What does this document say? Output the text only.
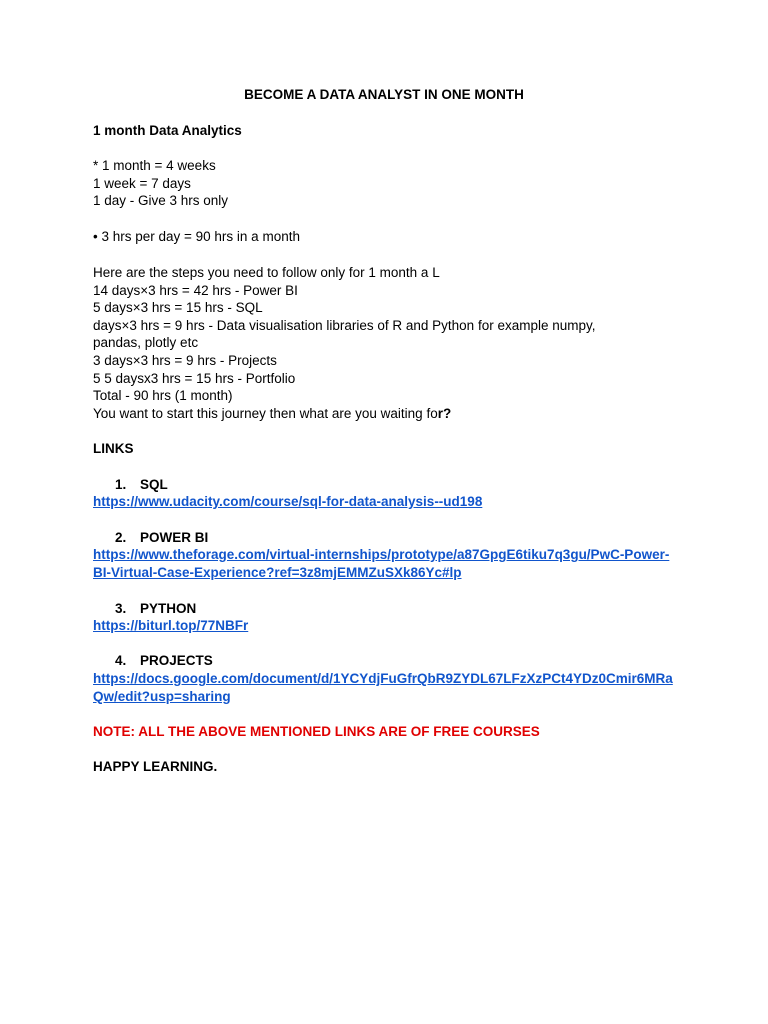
BECOME A DATA ANALYST IN ONE MONTH
1 month Data Analytics
* 1 month = 4 weeks
1 week = 7 days
1 day - Give 3 hrs only
• 3 hrs per day = 90 hrs in a month
Here are the steps you need to follow only for 1 month a L
14 days×3 hrs = 42 hrs - Power BI
5 days×3 hrs = 15 hrs - SQL
days×3 hrs = 9 hrs - Data visualisation libraries of R and Python for example numpy, pandas, plotly etc
3 days×3 hrs = 9 hrs - Projects
5 5 daysx3 hrs = 15 hrs - Portfolio
Total - 90 hrs (1 month)
You want to start this journey then what are you waiting for?
LINKS
1.	SQL
https://www.udacity.com/course/sql-for-data-analysis--ud198
2.	POWER BI
https://www.theforage.com/virtual-internships/prototype/a87GpgE6tiku7q3gu/PwC-Power-BI-Virtual-Case-Experience?ref=3z8mjEMMZuSXk86Yc#lp
3.	PYTHON
https://biturl.top/77NBFr
4.	PROJECTS
https://docs.google.com/document/d/1YCYdjFuGfrQbR9ZYDL67LFzXzPCt4YDz0Cmir6MRaQw/edit?usp=sharing
NOTE: ALL THE ABOVE MENTIONED LINKS ARE OF FREE COURSES
HAPPY LEARNING.
